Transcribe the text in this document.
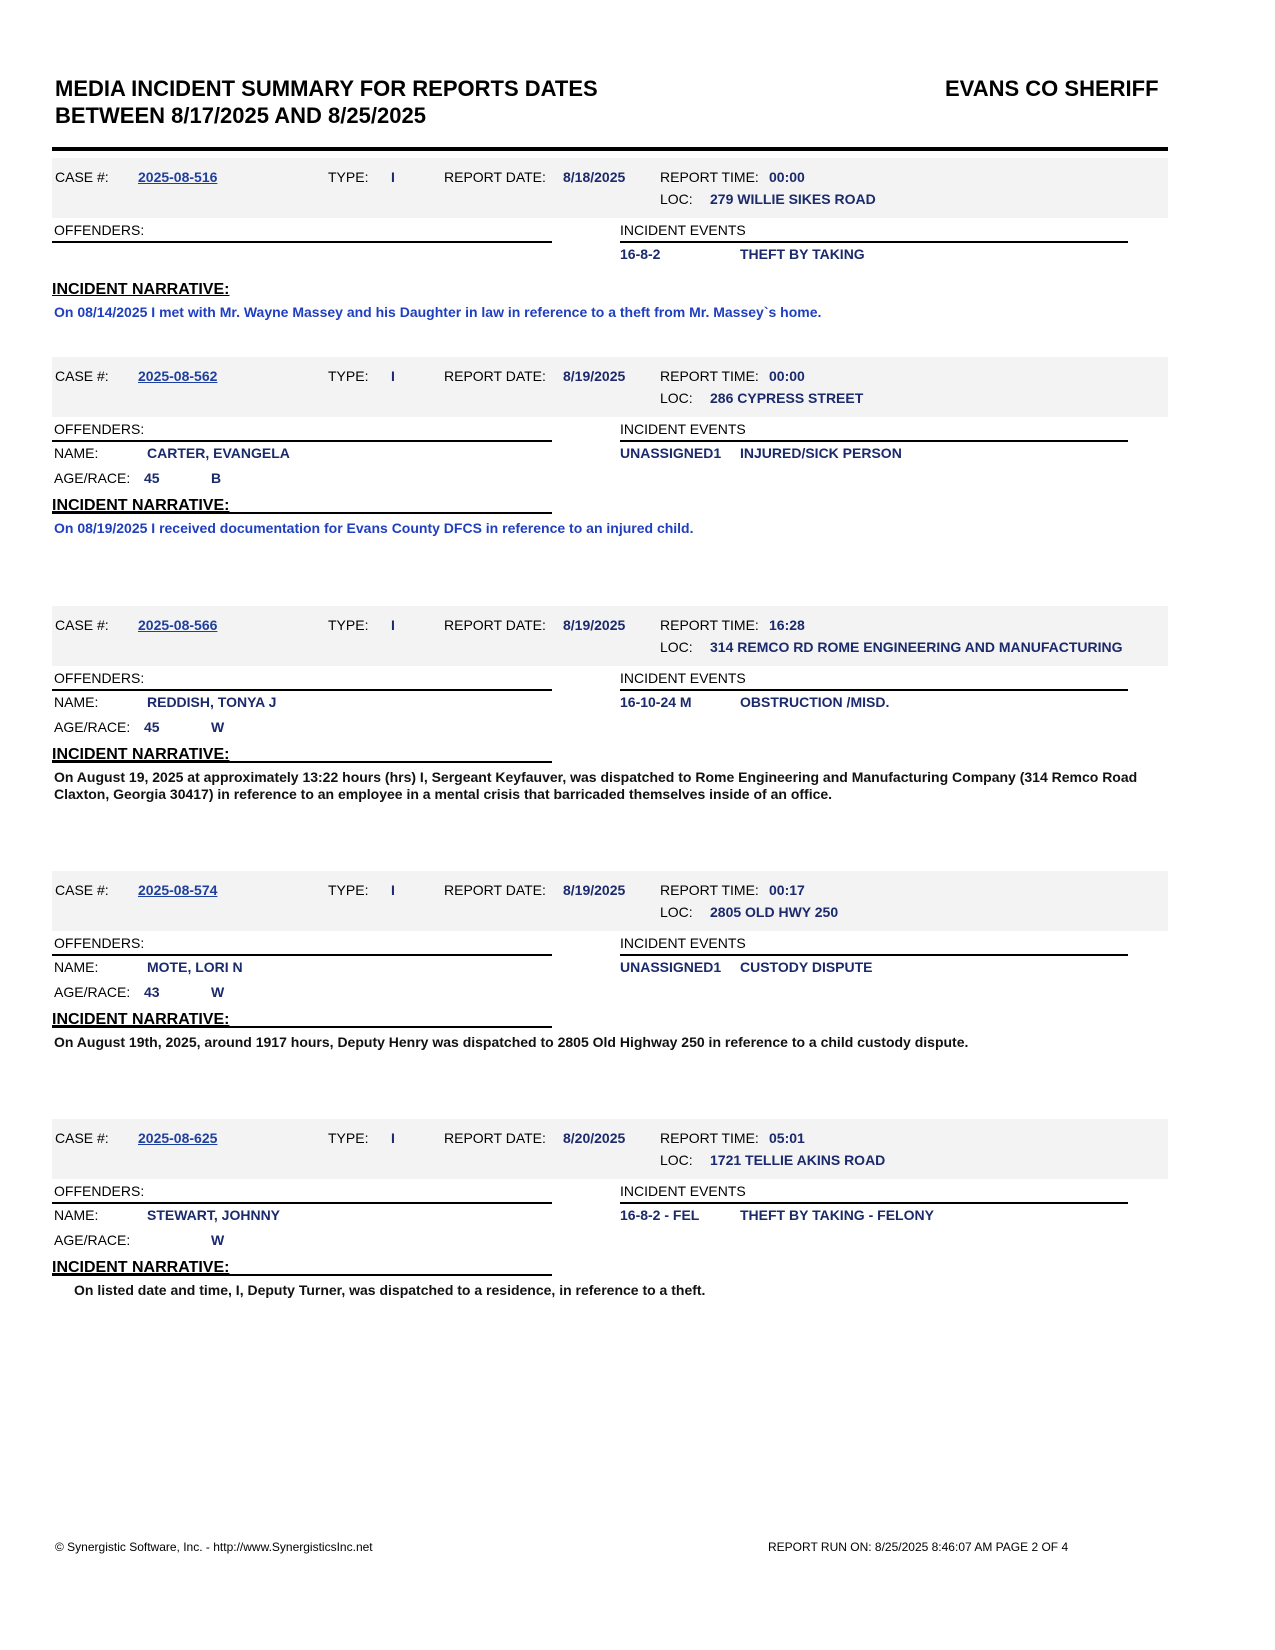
MEDIA INCIDENT SUMMARY FOR REPORTS DATES
BETWEEN 8/17/2025 AND 8/25/2025
EVANS CO SHERIFF
CASE #: 2025-08-516	TYPE: I	REPORT DATE: 8/18/2025 REPORT TIME: 00:00
LOC: 279 WILLIE SIKES ROAD
OFFENDERS:	INCIDENT EVENTS
16-8-2	THEFT BY TAKING
INCIDENT NARRATIVE:
On 08/14/2025 I met with Mr. Wayne Massey and his Daughter in law in reference to a theft from Mr. Massey`s home.
CASE #: 2025-08-562	TYPE: I	REPORT DATE: 8/19/2025 REPORT TIME: 00:00
LOC: 286 CYPRESS STREET
OFFENDERS:	INCIDENT EVENTS
UNASSIGNED1 INJURED/SICK PERSON
NAME:	CARTER, EVANGELA
AGE/RACE: 45	B
INCIDENT NARRATIVE:
On 08/19/2025 I received documentation for Evans County DFCS in reference to an injured child.
CASE #: 2025-08-566	TYPE: I	REPORT DATE: 8/19/2025 REPORT TIME: 16:28
LOC: 314 REMCO RD ROME ENGINEERING AND MANUFACTURING
OFFENDERS:	INCIDENT EVENTS
16-10-24 M	OBSTRUCTION /MISD.
NAME:	REDDISH, TONYA J
AGE/RACE: 45	W
INCIDENT NARRATIVE:
On August 19, 2025 at approximately 13:22 hours (hrs) I, Sergeant Keyfauver, was dispatched to Rome Engineering and Manufacturing Company (314 Remco Road Claxton, Georgia 30417) in reference to an employee in a mental crisis that barricaded themselves inside of an office.
CASE #: 2025-08-574	TYPE: I	REPORT DATE: 8/19/2025 REPORT TIME: 00:17
LOC: 2805 OLD HWY 250
OFFENDERS:	INCIDENT EVENTS
UNASSIGNED1 CUSTODY DISPUTE
NAME:	MOTE, LORI N
AGE/RACE: 43	W
INCIDENT NARRATIVE:
On August 19th, 2025, around 1917 hours, Deputy Henry was dispatched to 2805 Old Highway 250 in reference to a child custody dispute.
CASE #: 2025-08-625	TYPE: I	REPORT DATE: 8/20/2025 REPORT TIME: 05:01
LOC: 1721 TELLIE AKINS ROAD
OFFENDERS:	INCIDENT EVENTS
16-8-2 - FEL	THEFT BY TAKING - FELONY
NAME:	STEWART, JOHNNY
AGE/RACE:	W
INCIDENT NARRATIVE:
On listed date and time, I, Deputy Turner, was dispatched to a residence, in reference to a theft.
© Synergistic Software, Inc. - http://www.SynergisticsInc.net	REPORT RUN ON: 8/25/2025 8:46:07 AM PAGE 2 OF 4
